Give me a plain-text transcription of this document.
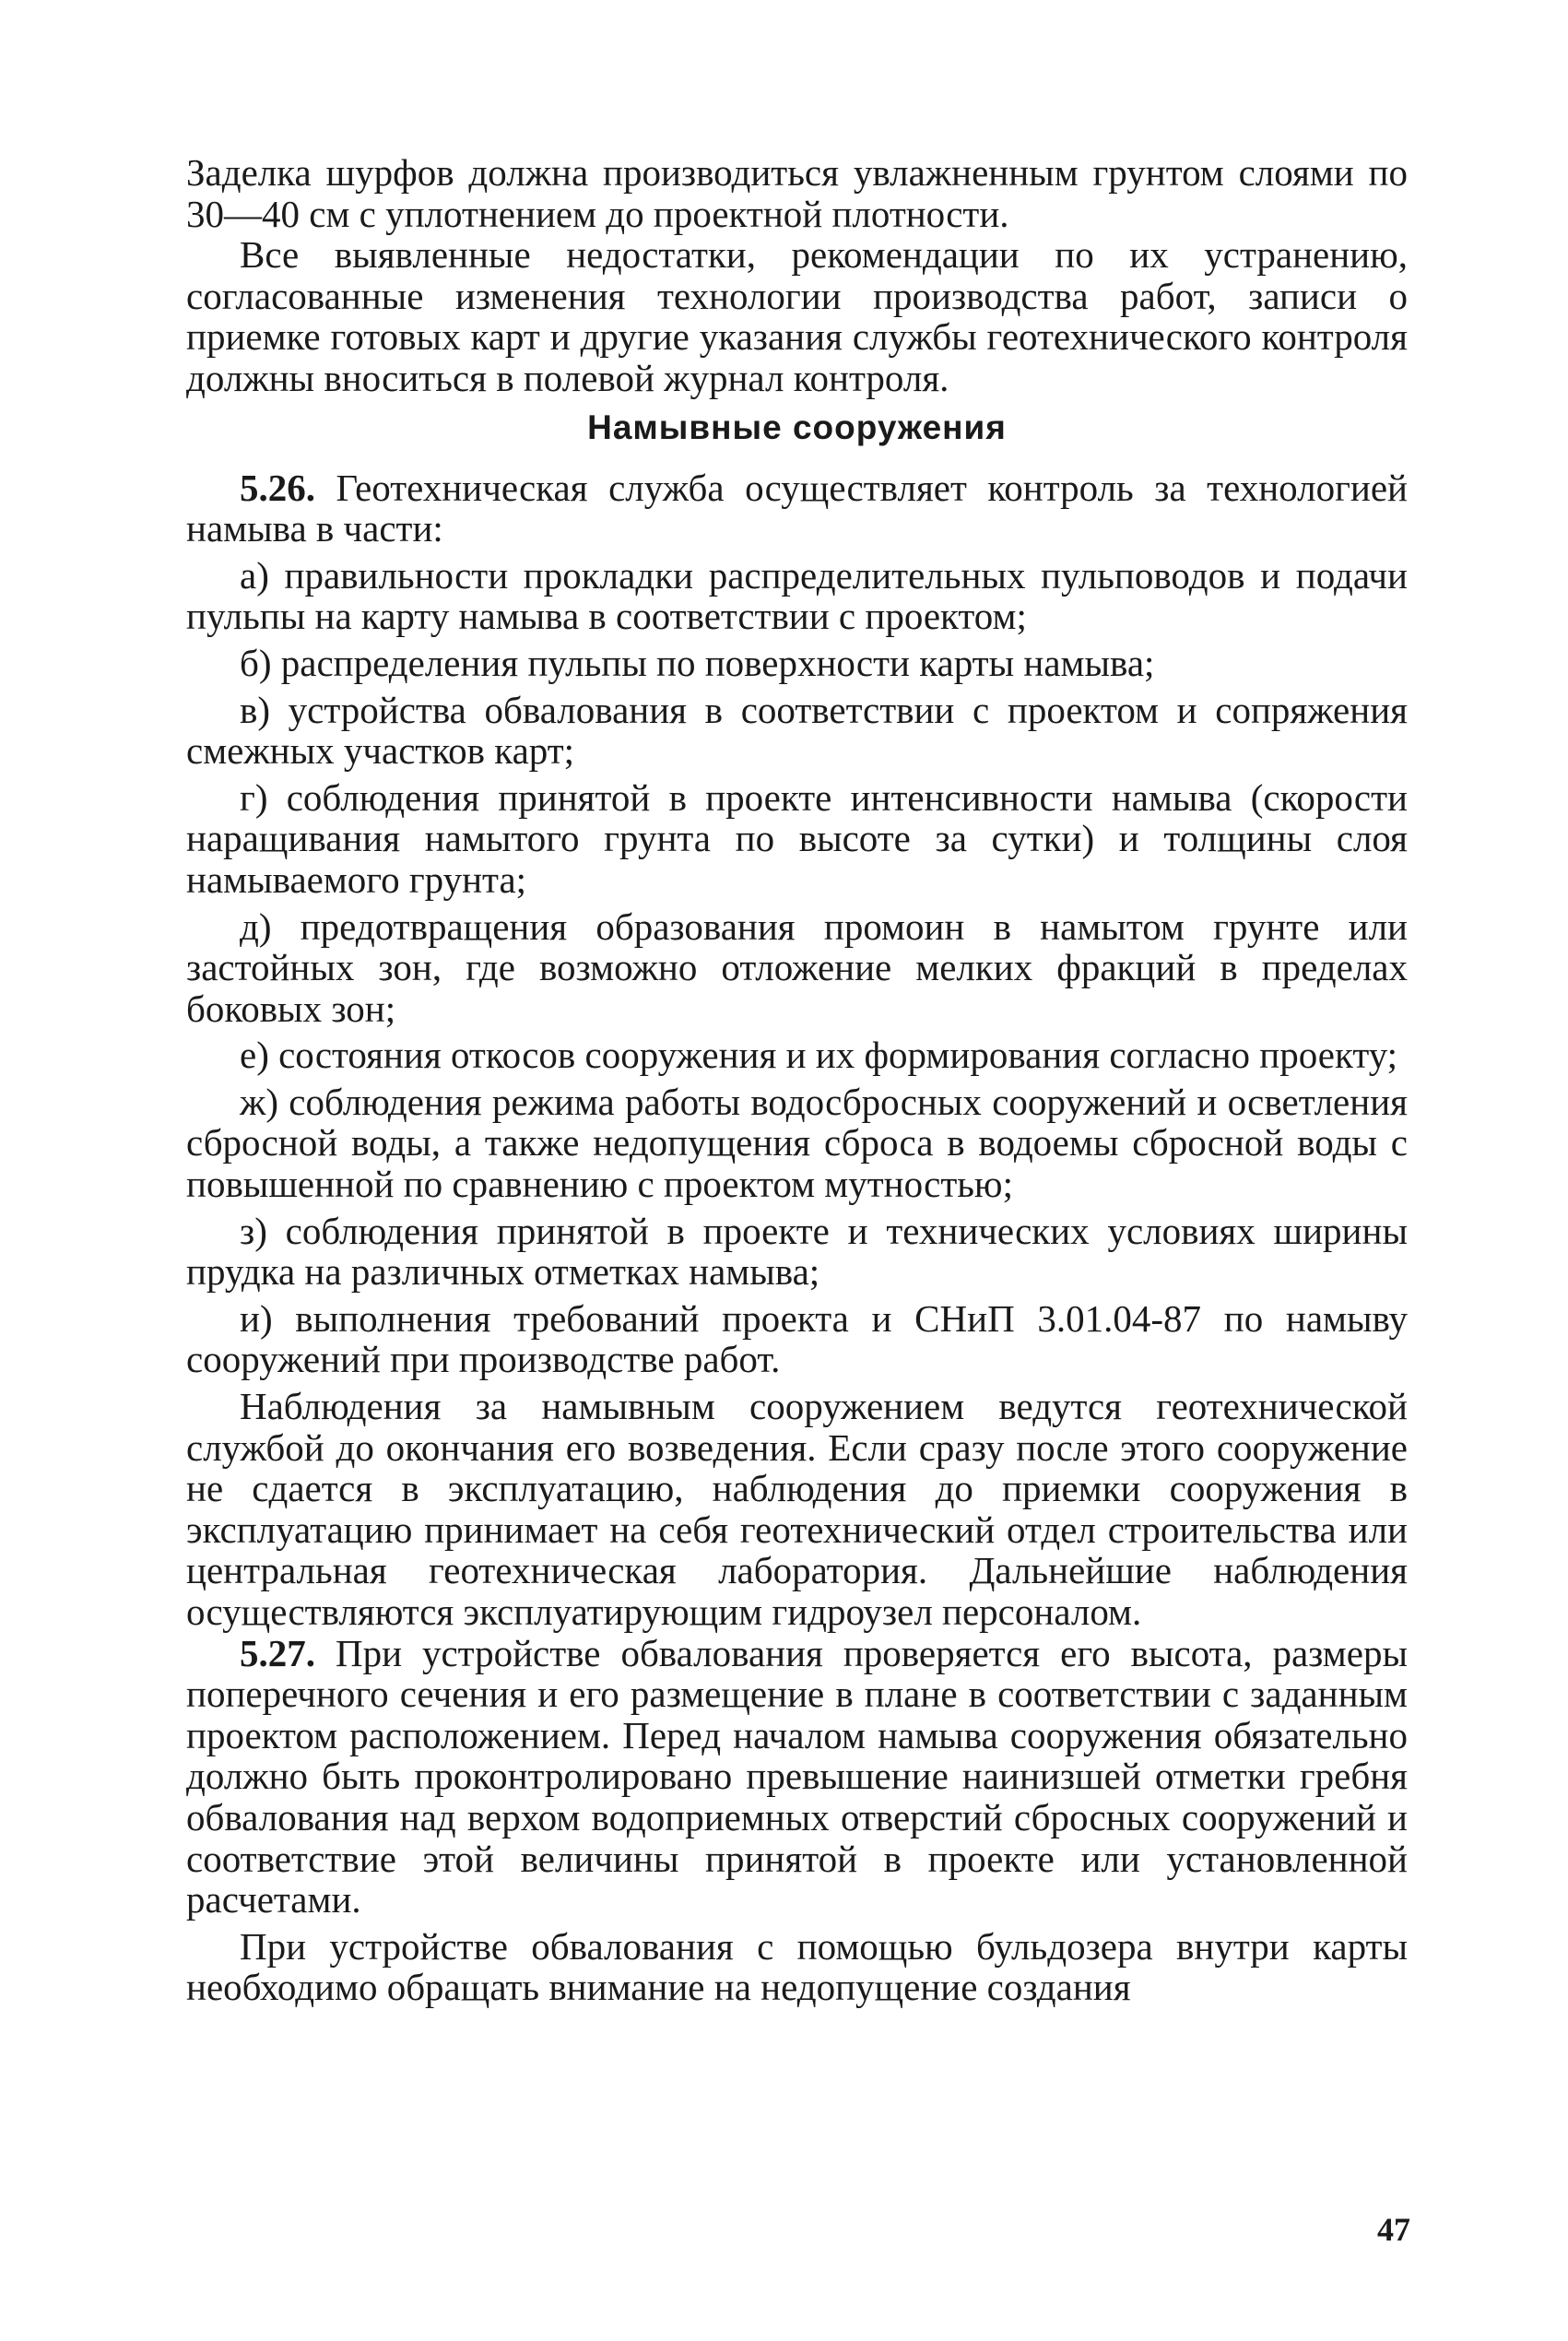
Заделка шурфов должна производиться увлажненным грунтом слоями по 30—40 см с уплотнением до проектной плотности.

Все выявленные недостатки, рекомендации по их устранению, согласованные изменения технологии производства работ, записи о приемке готовых карт и другие указания службы геотехнического контроля должны вноситься в полевой журнал контроля.

Намывные сооружения

5.26. Геотехническая служба осуществляет контроль за технологией намыва в части:

а) правильности прокладки распределительных пульповодов и подачи пульпы на карту намыва в соответствии с проектом;

б) распределения пульпы по поверхности карты намыва;

в) устройства обвалования в соответствии с проектом и сопряжения смежных участков карт;

г) соблюдения принятой в проекте интенсивности намыва (скорости наращивания намытого грунта по высоте за сутки) и толщины слоя намываемого грунта;

д) предотвращения образования промоин в намытом грунте или застойных зон, где возможно отложение мелких фракций в пределах боковых зон;

е) состояния откосов сооружения и их формирования согласно проекту;

ж) соблюдения режима работы водосбросных сооружений и осветления сбросной воды, а также недопущения сброса в водоемы сбросной воды с повышенной по сравнению с проектом мутностью;

з) соблюдения принятой в проекте и технических условиях ширины прудка на различных отметках намыва;

и) выполнения требований проекта и СНиП 3.01.04-87 по намыву сооружений при производстве работ.

Наблюдения за намывным сооружением ведутся геотехнической службой до окончания его возведения. Если сразу после этого сооружение не сдается в эксплуатацию, наблюдения до приемки сооружения в эксплуатацию принимает на себя геотехнический отдел строительства или центральная геотехническая лаборатория. Дальнейшие наблюдения осуществляются эксплуатирующим гидроузел персоналом.

5.27. При устройстве обвалования проверяется его высота, размеры поперечного сечения и его размещение в плане в соответствии с заданным проектом расположением. Перед началом намыва сооружения обязательно должно быть проконтролировано превышение наинизшей отметки гребня обвалования над верхом водоприемных отверстий сбросных сооружений и соответствие этой величины принятой в проекте или установленной расчетами.

При устройстве обвалования с помощью бульдозера внутри карты необходимо обращать внимание на недопущение создания

47
